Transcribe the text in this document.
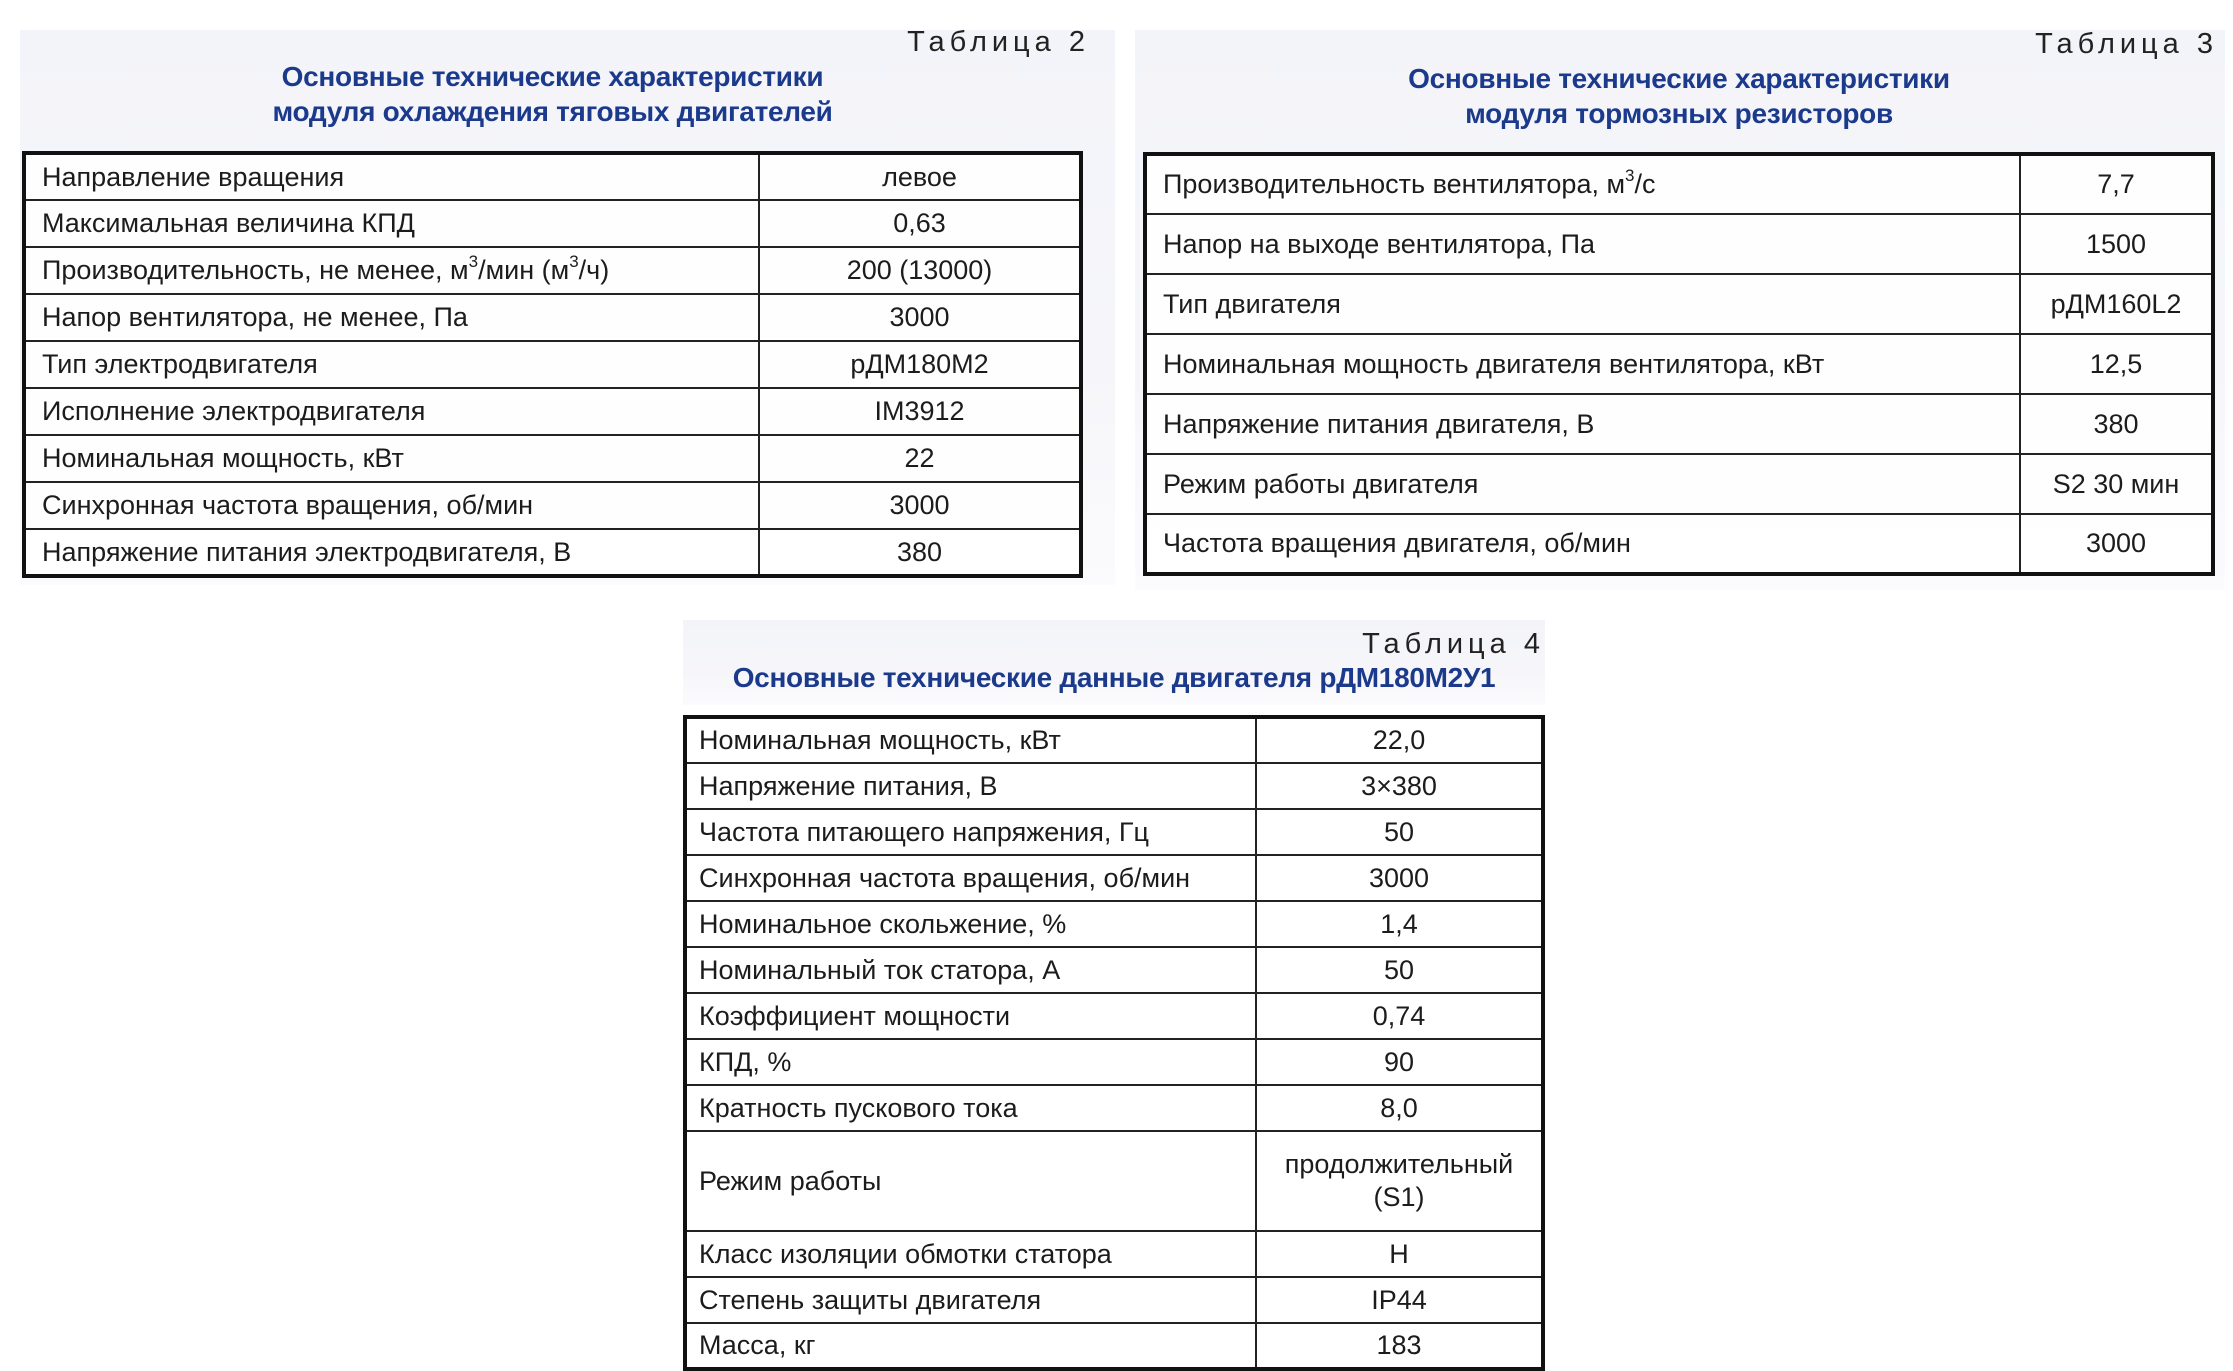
Таблица 2
Основные технические характеристики
модуля охлаждения тяговых двигателей
Направление вращения	левое
Максимальная величина КПД	0,63
Производительность, не менее, $м^3$/мин $(м^3/ч)$	200 (13000)
Напор вентилятора, не менее, Па	3000
Тип электродвигателя	рДМ180М2
Исполнение электродвигателя	IM3912
Номинальная мощность, кВт	22
Синхронная частота вращения, об/мин	3000
Напряжение питания электродвигателя, В	380
Таблица 3
Основные технические характеристики
модуля тормозных резисторов
Производительность вентилятора, $м^3/с$	7,7
Напор на выходе вентилятора, Па	1500
Тип двигателя	рДМ160L2
Номинальная мощность двигателя вентилятора, кВт	12,5
Напряжение питания двигателя, В	380
Режим работы двигателя	S2 30 мин
Частота вращения двигателя, об/мин	3000
Таблица 4
Основные технические данные двигателя рДМ180М2У1
Номинальная мощность, кВт	22,0
Напряжение питания, В	3×380
Частота питающего напряжения, Гц	50
Синхронная частота вращения, об/мин	3000
Номинальное скольжение, %	1,4
Номинальный ток статора, А	50
Коэффициент мощности	0,74
КПД, %	90
Кратность пускового тока	8,0
Режим работы	продолжительный
(S1)

Класс изоляции обмотки статора	H
Степень защиты двигателя	IP44
Масса, кг	183
